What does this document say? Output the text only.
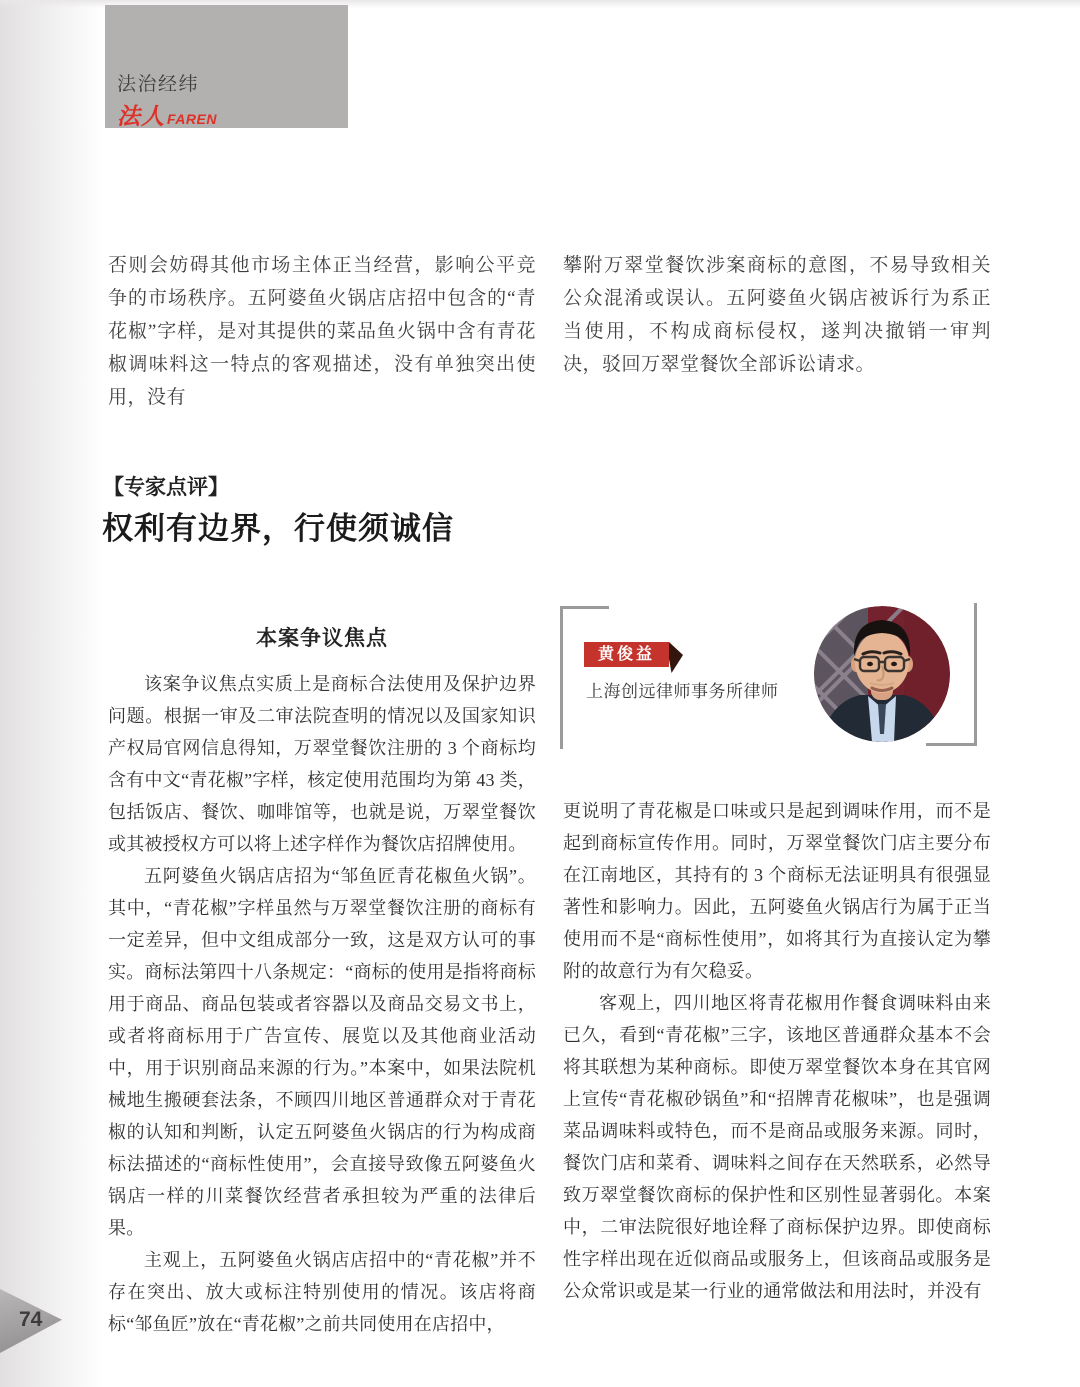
法治经纬
法人 FAREN

否则会妨碍其他市场主体正当经营，影响公平竞争的市场秩序。五阿婆鱼火锅店店招中包含的“青花椒”字样，是对其提供的菜品鱼火锅中含有青花椒调味料这一特点的客观描述，没有单独突出使用，没有

攀附万翠堂餐饮涉案商标的意图，不易导致相关公众混淆或误认。五阿婆鱼火锅店被诉行为系正当使用，不构成商标侵权，遂判决撤销一审判决，驳回万翠堂餐饮全部诉讼请求。

【专家点评】
权利有边界，行使须诚信
本案争议焦点

该案争议焦点实质上是商标合法使用及保护边界问题。根据一审及二审法院查明的情况以及国家知识产权局官网信息得知，万翠堂餐饮注册的 3 个商标均含有中文“青花椒”字样，核定使用范围均为第 43 类，包括饭店、餐饮、咖啡馆等，也就是说，万翠堂餐饮或其被授权方可以将上述字样作为餐饮店招牌使用。

五阿婆鱼火锅店店招为“邹鱼匠青花椒鱼火锅”。其中，“青花椒”字样虽然与万翠堂餐饮注册的商标有一定差异，但中文组成部分一致，这是双方认可的事实。商标法第四十八条规定：“商标的使用是指将商标用于商品、商品包装或者容器以及商品交易文书上，或者将商标用于广告宣传、展览以及其他商业活动中，用于识别商品来源的行为。”本案中，如果法院机械地生搬硬套法条，不顾四川地区普通群众对于青花椒的认知和判断，认定五阿婆鱼火锅店的行为构成商标法描述的“商标性使用”，会直接导致像五阿婆鱼火锅店一样的川菜餐饮经营者承担较为严重的法律后果。

主观上，五阿婆鱼火锅店店招中的“青花椒”并不存在突出、放大或标注特别使用的情况。该店将商标“邹鱼匠”放在“青花椒”之前共同使用在店招中，

黄俊益
上海创远律师事务所律师

更说明了青花椒是口味或只是起到调味作用，而不是起到商标宣传作用。同时，万翠堂餐饮门店主要分布在江南地区，其持有的 3 个商标无法证明具有很强显著性和影响力。因此，五阿婆鱼火锅店行为属于正当使用而不是“商标性使用”，如将其行为直接认定为攀附的故意行为有欠稳妥。

客观上，四川地区将青花椒用作餐食调味料由来已久，看到“青花椒”三字，该地区普通群众基本不会将其联想为某种商标。即使万翠堂餐饮本身在其官网上宣传“青花椒砂锅鱼”和“招牌青花椒味”，也是强调菜品调味料或特色，而不是商品或服务来源。同时，餐饮门店和菜肴、调味料之间存在天然联系，必然导致万翠堂餐饮商标的保护性和区别性显著弱化。本案中，二审法院很好地诠释了商标保护边界。即使商标性字样出现在近似商品或服务上，但该商品或服务是公众常识或是某一行业的通常做法和用法时，并没有

74
